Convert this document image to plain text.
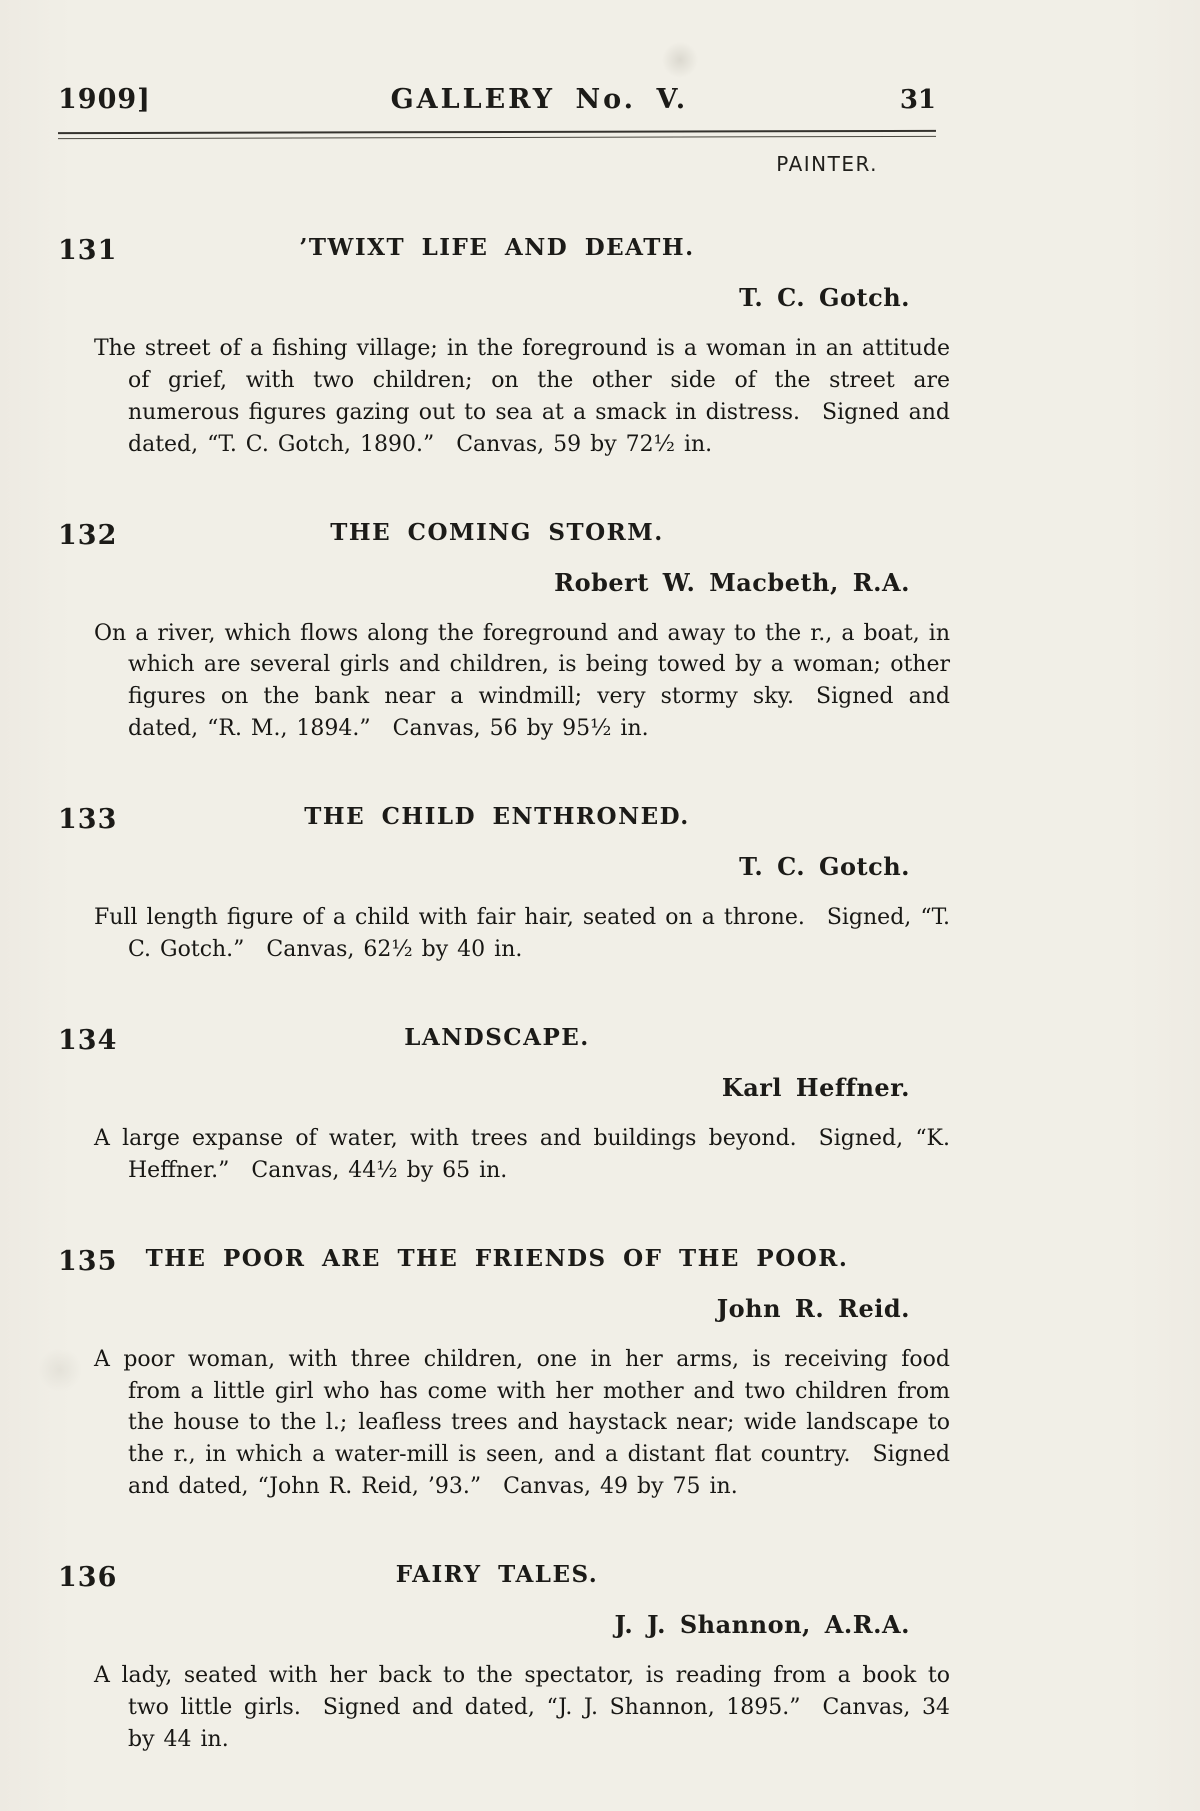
1909]	GALLERY No. V.	31
PAINTER.
131	’TWIXT LIFE AND DEATH.
T. C. Gotch.
The street of a fishing village; in the foreground is a woman in an attitude of grief, with two children; on the other side of the street are numerous figures gazing out to sea at a smack in distress. Signed and dated, “T. C. Gotch, 1890.” Canvas, 59 by 72½ in.
132	THE COMING STORM.
Robert W. Macbeth, R.A.
On a river, which flows along the foreground and away to the r., a boat, in which are several girls and children, is being towed by a woman; other figures on the bank near a windmill; very stormy sky. Signed and dated, “R. M., 1894.” Canvas, 56 by 95½ in.
133	THE CHILD ENTHRONED.
T. C. Gotch.
Full length figure of a child with fair hair, seated on a throne. Signed, “T. C. Gotch.” Canvas, 62½ by 40 in.
134	LANDSCAPE.
Karl Heffner.
A large expanse of water, with trees and buildings beyond. Signed, “K. Heffner.” Canvas, 44½ by 65 in.
135 THE POOR ARE THE FRIENDS OF THE POOR.
John R. Reid.
A poor woman, with three children, one in her arms, is receiving food from a little girl who has come with her mother and two children from the house to the l.; leafless trees and haystack near; wide landscape to the r., in which a water-mill is seen, and a distant flat country. Signed and dated, “John R. Reid, ’93.” Canvas, 49 by 75 in.
136	FAIRY TALES.
J. J. Shannon, A.R.A.
A lady, seated with her back to the spectator, is reading from a book to two little girls. Signed and dated, “J. J. Shannon, 1895.” Canvas, 34 by 44 in.
